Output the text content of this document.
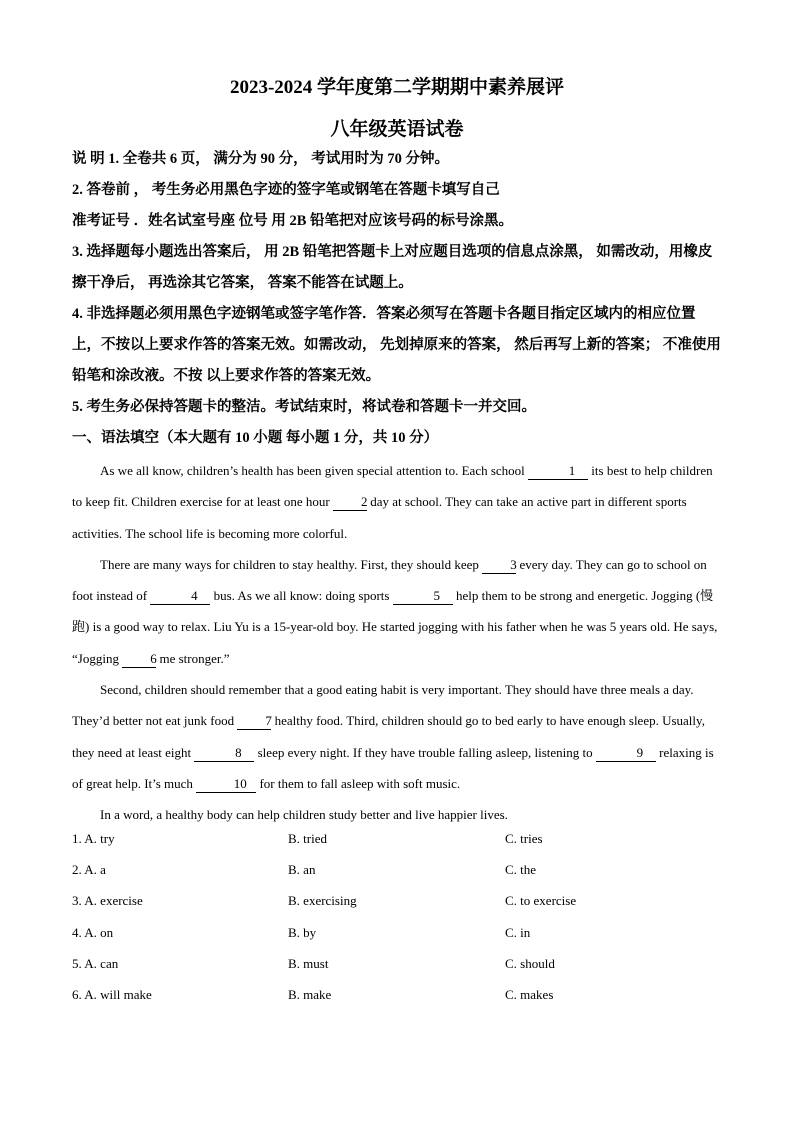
2023-2024 学年度第二学期期中素养展评
八年级英语试卷

说 明 1. 全卷共 6 页， 满分为 90 分， 考试用时为 70 分钟。

2. 答卷前 ， 考生务必用黑色字迹的签字笔或钢笔在答题卡填写自己

准考证号 ．姓名试室号座 位号 用 2B 铅笔把对应该号码的标号涂黑。

3. 选择题每小题选出答案后， 用 2B 铅笔把答题卡上对应题目选项的信息点涂黑， 如需改动，用橡皮擦干净后， 再选涂其它答案， 答案不能答在试题上。

4. 非选择题必须用黑色字迹钢笔或签字笔作答．答案必须写在答题卡各题目指定区域内的相应位置上，不按以上要求作答的答案无效。如需改动， 先划掉原来的答案， 然后再写上新的答案； 不准使用铅笔和涂改液。不按 以上要求作答的答案无效。

5. 考生务必保持答题卡的整洁。考试结束时，将试卷和答题卡一并交回。

一、语法填空（本大题有 10 小题 每小题 1 分，共 10 分）

As we all know, children’s health has been given special attention to. Each school	1 its best to help children to keep fit. Children exercise for at least one hour 2 day at school. They can take an active part in different sports activities. The school life is becoming more colorful.

There are many ways for children to stay healthy. First, they should keep 3 every day. They can go to school on foot instead of	4 bus. As we all know: doing sports	5 help them to be strong and energetic. Jogging (慢跑) is a good way to relax. Liu Yu is a 15-year-old boy. He started jogging with his father when he was 5 years old. He says, “Jogging 6 me stronger.”

Second, children should remember that a good eating habit is very important. They should have three meals a day. They’d better not eat junk food 7 healthy food. Third, children should go to bed early to have enough sleep. Usually, they need at least eight	8 sleep every night. If they have trouble falling asleep, listening to	9 relaxing is of great help. It’s much	10 for them to fall asleep with soft music.

In a word, a healthy body can help children study better and live happier lives.

1. A. try	B. tried	C. tries
2. A. a	B. an	C. the
3. A. exercise	B. exercising	C. to exercise
4. A. on	B. by	C. in
5. A. can	B. must	C. should
6. A. will make	B. make	C. makes
